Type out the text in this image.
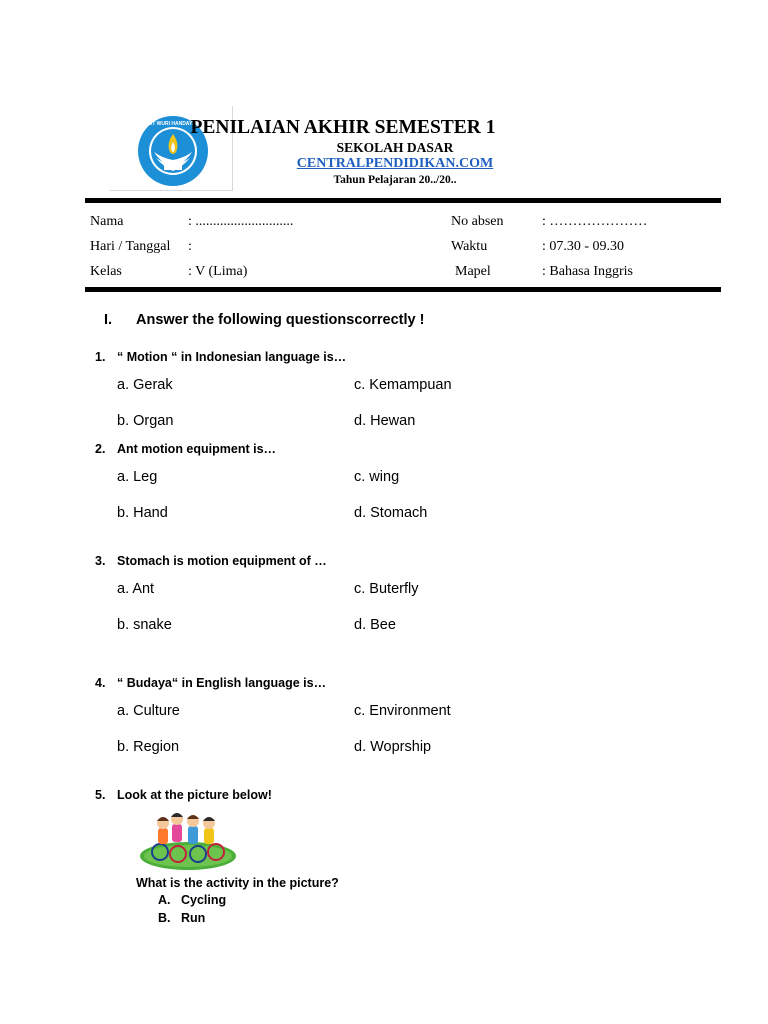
TUT WURI HANDAYANI
PENILAIAN AKHIR SEMESTER 1
SEKOLAH DASAR
CENTRALPENDIDIKAN.COM
Tahun Pelajaran 20../20..
Nama	: ............................	No absen	: …………………
Hari / Tanggal :	Waktu	: 07.30 - 09.30
Kelas	: V (Lima)	Mapel	: Bahasa Inggris
I. Answer the following questionscorrectly !
1. “ Motion “ in Indonesian language is…
a. Gerak	c. Kemampuan
b. Organ	d. Hewan
2. Ant motion equipment is…
a. Leg	c. wing
b. Hand	d. Stomach
3. Stomach is motion equipment of …
a. Ant	c. Buterfly
b. snake	d. Bee
4. “ Budaya“ in English language is…
a. Culture	c. Environment
b. Region	d. Woprship
5. Look at the picture below!
What is the activity in the picture?
A. Cycling
B. Run
